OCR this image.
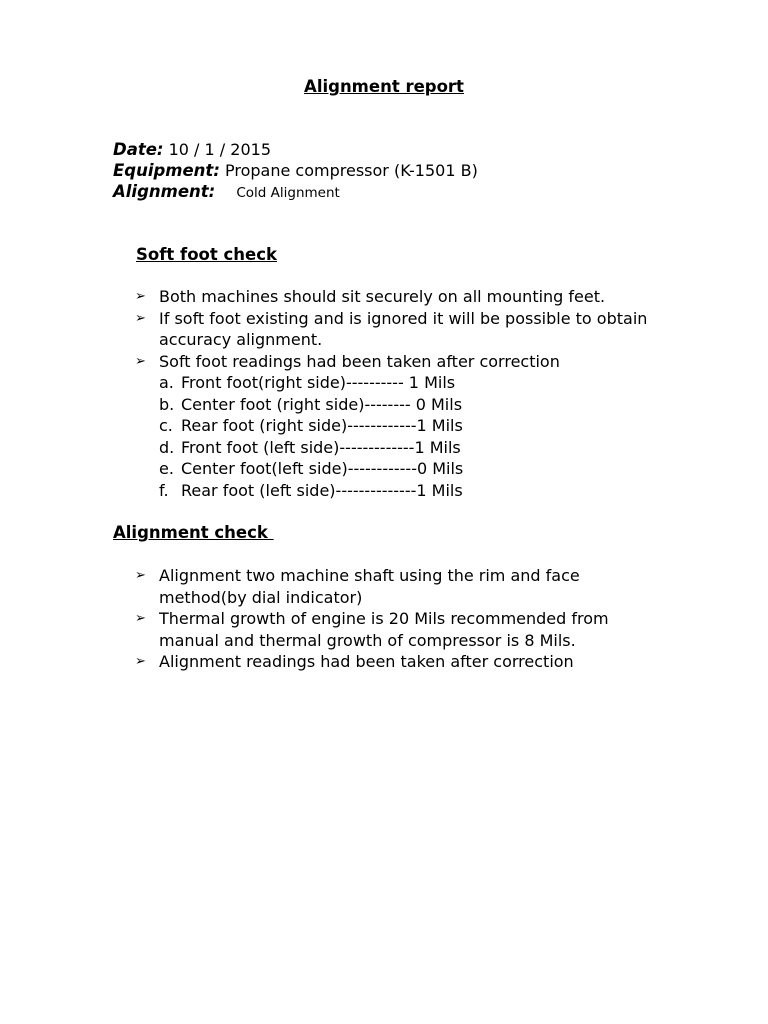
Alignment report
Date: 10 / 1 / 2015
Equipment: Propane compressor (K-1501 B)
Alignment: Cold Alignment
Soft foot check
➢ Both machines should sit securely on all mounting feet.
➢ If soft foot existing and is ignored it will be possible to obtain accuracy alignment.
➢ Soft foot readings had been taken after correction
a. Front foot(right side)---------- 1 Mils
b. Center foot (right side)-------- 0 Mils
c. Rear foot (right side)------------1 Mils
d. Front foot (left side)-------------1 Mils
e. Center foot(left side)------------0 Mils
f. Rear foot (left side)--------------1 Mils
Alignment check
➢ Alignment two machine shaft using the rim and face method(by dial indicator)
➢ Thermal growth of engine is 20 Mils recommended from manual and thermal growth of compressor is 8 Mils.
➢ Alignment readings had been taken after correction
